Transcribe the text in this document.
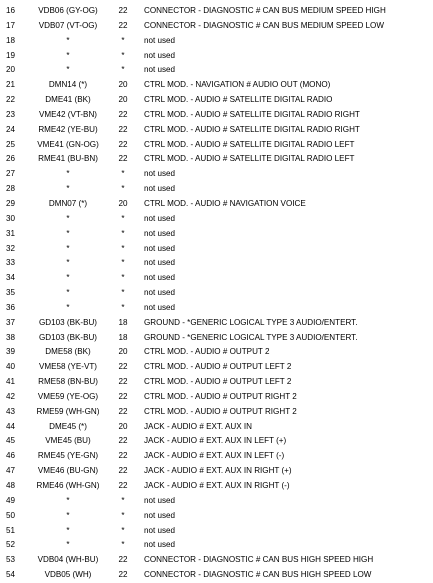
16	VDB06 (GY-OG)	22	CONNECTOR - DIAGNOSTIC # CAN BUS MEDIUM SPEED HIGH
17	VDB07 (VT-OG)	22	CONNECTOR - DIAGNOSTIC # CAN BUS MEDIUM SPEED LOW
18	*	*	not used
19	*	*	not used
20	*	*	not used
21	DMN14 (*)	20	CTRL MOD. - NAVIGATION # AUDIO OUT (MONO)
22	DME41 (BK)	20	CTRL MOD. - AUDIO # SATELLITE DIGITAL RADIO
23	VME42 (VT-BN)	22	CTRL MOD. - AUDIO # SATELLITE DIGITAL RADIO RIGHT
24	RME42 (YE-BU)	22	CTRL MOD. - AUDIO # SATELLITE DIGITAL RADIO RIGHT
25	VME41 (GN-OG)	22	CTRL MOD. - AUDIO # SATELLITE DIGITAL RADIO LEFT
26	RME41 (BU-BN)	22	CTRL MOD. - AUDIO # SATELLITE DIGITAL RADIO LEFT
27	*	*	not used
28	*	*	not used
29	DMN07 (*)	20	CTRL MOD. - AUDIO # NAVIGATION VOICE
30	*	*	not used
31	*	*	not used
32	*	*	not used
33	*	*	not used
34	*	*	not used
35	*	*	not used
36	*	*	not used
37	GD103 (BK-BU)	18	GROUND - *GENERIC LOGICAL TYPE 3 AUDIO/ENTERT.
38	GD103 (BK-BU)	18	GROUND - *GENERIC LOGICAL TYPE 3 AUDIO/ENTERT.
39	DME58 (BK)	20	CTRL MOD. - AUDIO # OUTPUT 2
40	VME58 (YE-VT)	22	CTRL MOD. - AUDIO # OUTPUT LEFT 2
41	RME58 (BN-BU)	22	CTRL MOD. - AUDIO # OUTPUT LEFT 2
42	VME59 (YE-OG)	22	CTRL MOD. - AUDIO # OUTPUT RIGHT 2
43	RME59 (WH-GN)	22	CTRL MOD. - AUDIO # OUTPUT RIGHT 2
44	DME45 (*)	20	JACK - AUDIO # EXT. AUX IN
45	VME45 (BU)	22	JACK - AUDIO # EXT. AUX IN LEFT (+)
46	RME45 (YE-GN)	22	JACK - AUDIO # EXT. AUX IN LEFT (-)
47	VME46 (BU-GN)	22	JACK - AUDIO # EXT. AUX IN RIGHT (+)
48	RME46 (WH-GN)	22	JACK - AUDIO # EXT. AUX IN RIGHT (-)
49	*	*	not used
50	*	*	not used
51	*	*	not used
52	*	*	not used
53	VDB04 (WH-BU)	22	CONNECTOR - DIAGNOSTIC # CAN BUS HIGH SPEED HIGH
54	VDB05 (WH)	22	CONNECTOR - DIAGNOSTIC # CAN BUS HIGH SPEED LOW
